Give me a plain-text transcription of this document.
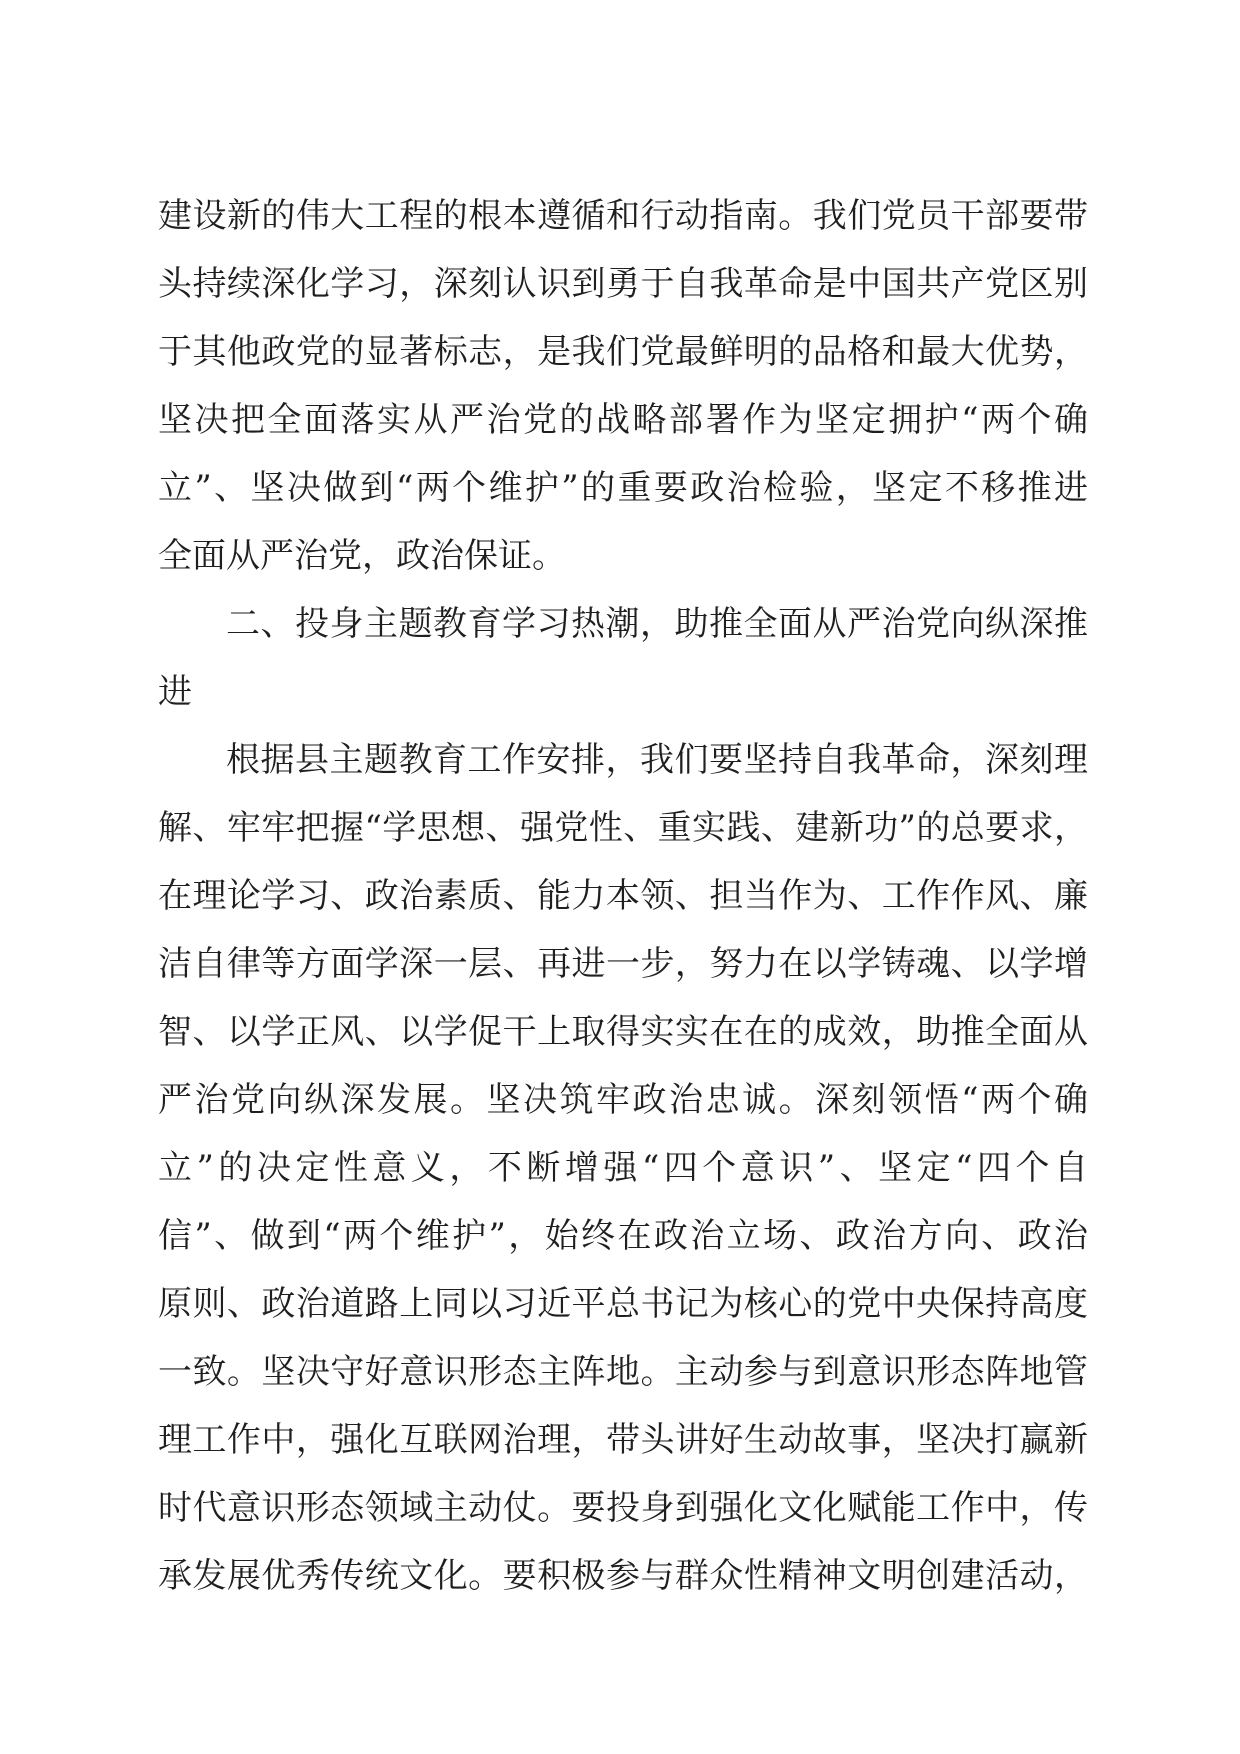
建设新的伟大工程的根本遵循和行动指南。我们党员干部要带
头持续深化学习，深刻认识到勇于自我革命是中国共产党区别
于其他政党的显著标志，是我们党最鲜明的品格和最大优势，
坚决把全面落实从严治党的战略部署作为坚定拥护“两个确
立”、坚决做到“两个维护”的重要政治检验，坚定不移推进
全面从严治党，政治保证。
二、投身主题教育学习热潮，助推全面从严治党向纵深推
进
根据县主题教育工作安排，我们要坚持自我革命，深刻理
解、牢牢把握“学思想、强党性、重实践、建新功”的总要求，
在理论学习、政治素质、能力本领、担当作为、工作作风、廉
洁自律等方面学深一层、再进一步，努力在以学铸魂、以学增
智、以学正风、以学促干上取得实实在在的成效，助推全面从
严治党向纵深发展。坚决筑牢政治忠诚。深刻领悟“两个确
立”的决定性意义，不断增强“四个意识”、坚定“四个自
信”、做到“两个维护”，始终在政治立场、政治方向、政治
原则、政治道路上同以习近平总书记为核心的党中央保持高度
一致。坚决守好意识形态主阵地。主动参与到意识形态阵地管
理工作中，强化互联网治理，带头讲好生动故事，坚决打赢新
时代意识形态领域主动仗。要投身到强化文化赋能工作中，传
承发展优秀传统文化。要积极参与群众性精神文明创建活动，
